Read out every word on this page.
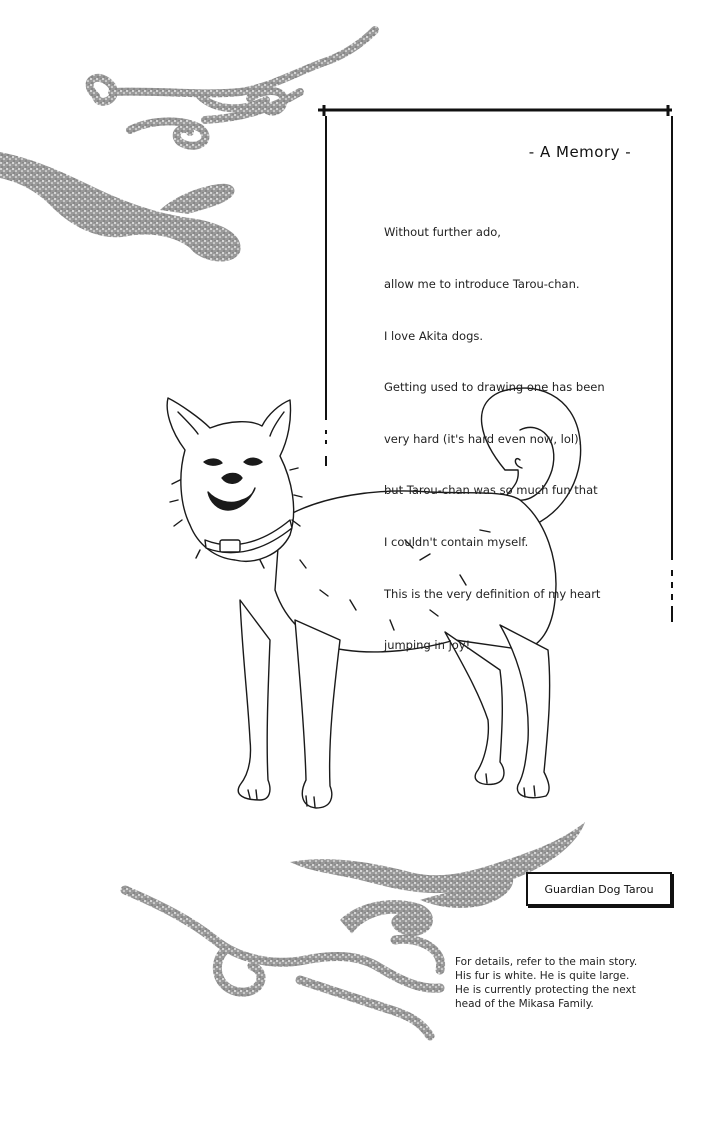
- A Memory -

Without further ado,

allow me to introduce Tarou-chan.

I love Akita dogs.

Getting used to drawing one has been

very hard (it's hard even now, lol),

but Tarou-chan was so much fun that

I couldn't contain myself.

This is the very definition of my heart

jumping in joy!

Guardian Dog Tarou
For details, refer to the main story.
His fur is white. He is quite large.
He is currently protecting the next
head of the Mikasa Family.
